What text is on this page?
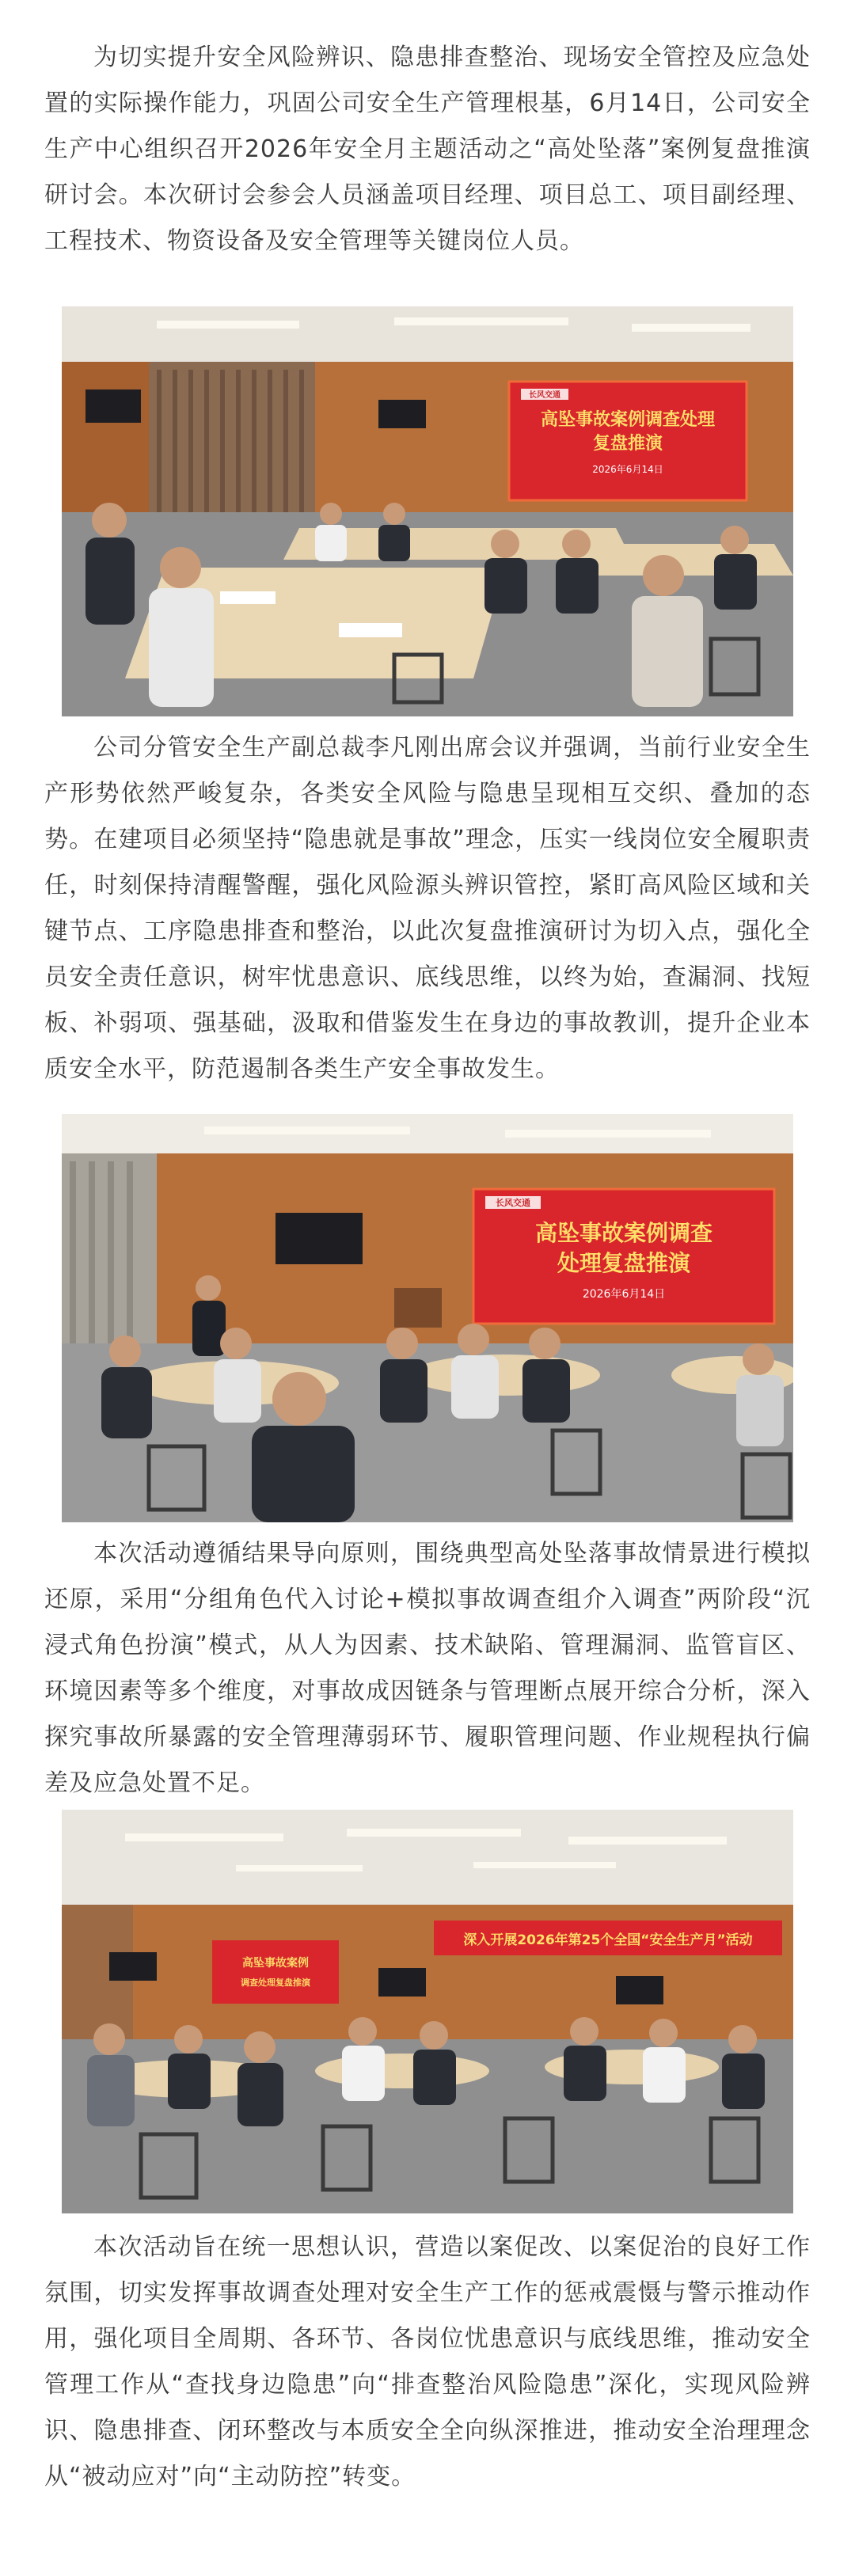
为切实提升安全风险辨识、隐患排查整治、现场安全管控及应急处置的实际操作能力，巩固公司安全生产管理根基，6月14日，公司安全生产中心组织召开2026年安全月主题活动之“高处坠落”案例复盘推演研讨会。本次研讨会参会人员涵盖项目经理、项目总工、项目副经理、工程技术、物资设备及安全管理等关键岗位人员。

长风交通
高坠事故案例调查处理
复盘推演
2026年6月14日

公司分管安全生产副总裁李凡刚出席会议并强调，当前行业安全生产形势依然严峻复杂，各类安全风险与隐患呈现相互交织、叠加的态势。在建项目必须坚持“隐患就是事故”理念，压实一线岗位安全履职责任，时刻保持清醒警醒，强化风险源头辨识管控，紧盯高风险区域和关键节点、工序隐患排查和整治，以此次复盘推演研讨为切入点，强化全员安全责任意识，树牢忧患意识、底线思维，以终为始，查漏洞、找短板、补弱项、强基础，汲取和借鉴发生在身边的事故教训，提升企业本质安全水平，防范遏制各类生产安全事故发生。

长风交通
高坠事故案例调查
处理复盘推演
2026年6月14日

本次活动遵循结果导向原则，围绕典型高处坠落事故情景进行模拟还原，采用“分组角色代入讨论+模拟事故调查组介入调查”两阶段“沉浸式角色扮演”模式，从人为因素、技术缺陷、管理漏洞、监管盲区、环境因素等多个维度，对事故成因链条与管理断点展开综合分析，深入探究事故所暴露的安全管理薄弱环节、履职管理问题、作业规程执行偏差及应急处置不足。

深入开展2026年第25个全国“安全生产月”活动
高坠事故案例
调查处理复盘推演

本次活动旨在统一思想认识，营造以案促改、以案促治的良好工作氛围，切实发挥事故调查处理对安全生产工作的惩戒震慑与警示推动作用，强化项目全周期、各环节、各岗位忧患意识与底线思维，推动安全管理工作从“查找身边隐患”向“排查整治风险隐患”深化，实现风险辨识、隐患排查、闭环整改与本质安全全向纵深推进，推动安全治理理念从“被动应对”向“主动防控”转变。
